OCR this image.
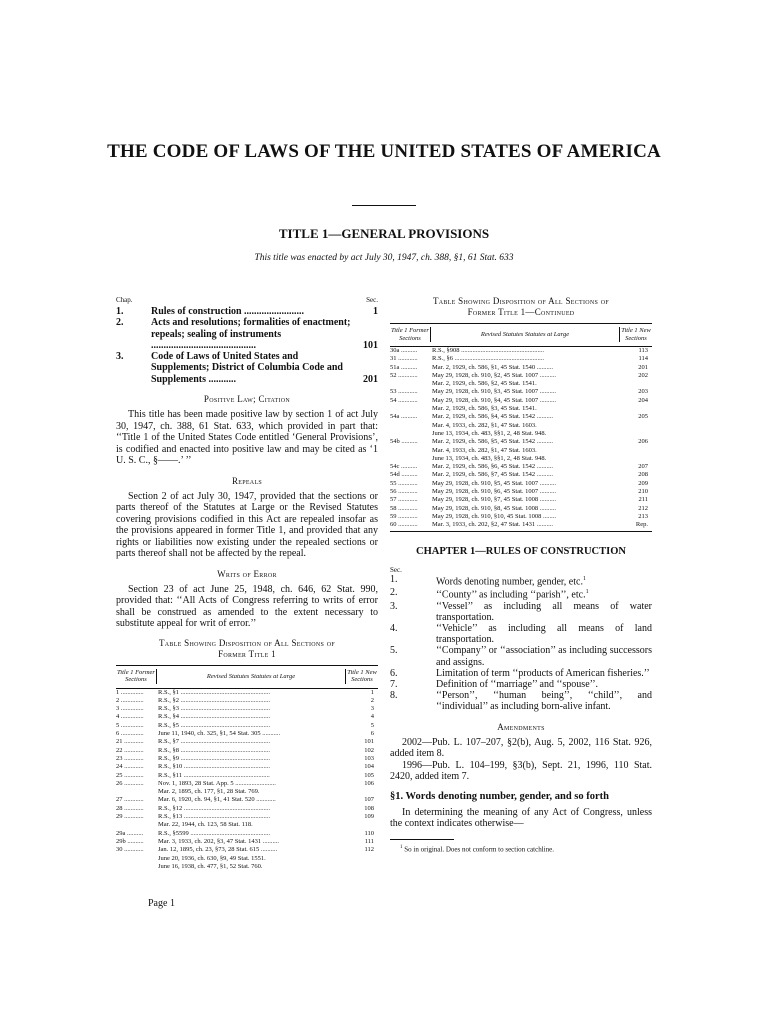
THE CODE OF LAWS OF THE UNITED STATES OF AMERICA
TITLE 1—GENERAL PROVISIONS
This title was enacted by act July 30, 1947, ch. 388, §1, 61 Stat. 633
Chap.	Sec.
1.	Rules of construction ........................	1
2.	Acts and resolutions; formalities of enactment; repeals; sealing of instruments ..........................................	101
3.	Code of Laws of United States and Supplements; District of Columbia Code and Supplements ...........	201
Positive Law; Citation

This title has been made positive law by section 1 of act July 30, 1947, ch. 388, 61 Stat. 633, which provided in part that: ‘‘Title 1 of the United States Code entitled ‘General Provisions’, is codified and enacted into positive law and may be cited as ‘1 U. S. C., §——.’ ’’

Repeals

Section 2 of act July 30, 1947, provided that the sections or parts thereof of the Statutes at Large or the Revised Statutes covering provisions codified in this Act are repealed insofar as the provisions appeared in former Title 1, and provided that any rights or liabilities now existing under the repealed sections or parts thereof shall not be affected by the repeal.

Writs of Error

Section 23 of act June 25, 1948, ch. 646, 62 Stat. 990, provided that: ‘‘All Acts of Congress referring to writs of error shall be construed as amended to the extent necessary to substitute appeal for writ of error.’’

Table Showing Disposition of All Sections of
Former Title 1
Title 1 Former Sections	Revised Statutes Statutes at Large
Title 1 New Sections
1 ..............	R.S., §1 .......................................................	1
2 ..............	R.S., §2 .......................................................	2
3 ..............	R.S., §3 .......................................................	3
4 ..............	R.S., §4 .......................................................	4
5 ..............	R.S., §5 .......................................................	5
6 ..............	June 11, 1940, ch. 325, §1, 54 Stat. 305 ...........	6
21 ............	R.S., §7 .......................................................	101
22 ............	R.S., §8 .......................................................	102
23 ............	R.S., §9 .......................................................	103
24 ............	R.S., §10 .....................................................	104
25 ............	R.S., §11 .....................................................	105
26 ............	Nov. 1, 1893, 28 Stat. App. 5 .........................	106
Mar. 2, 1895, ch. 177, §1, 28 Stat. 769.
27 ............	Mar. 6, 1920, ch. 94, §1, 41 Stat. 520 ............	107
28 ............	R.S., §12 .....................................................	108
29 ............	R.S., §13 .....................................................	109
Mar. 22, 1944, ch. 123, 58 Stat. 118.
29a ..........	R.S., §5599 .................................................	110
29b ..........	Mar. 3, 1933, ch. 202, §3, 47 Stat. 1431 ..........	111
30 ............	Jan. 12, 1895, ch. 23, §73, 28 Stat. 615 ..........	112
June 20, 1936, ch. 630, §9, 49 Stat. 1551.
June 16, 1938, ch. 477, §1, 52 Stat. 760.
Table Showing Disposition of All Sections of
Former Title 1—Continued
Title 1 Former Sections	Revised Statutes Statutes at Large
Title 1 New Sections
30a ..........	R.S., §908 ...................................................	113
31 ............	R.S., §6 .......................................................	114
51a ..........	Mar. 2, 1929, ch. 586, §1, 45 Stat. 1540 ..........	201
52 ............	May 29, 1928, ch. 910, §2, 45 Stat. 1007 ..........	202
Mar. 2, 1929, ch. 586, §2, 45 Stat. 1541.
53 ............	May 29, 1928, ch. 910, §3, 45 Stat. 1007 ..........	203
54 ............	May 29, 1928, ch. 910, §4, 45 Stat. 1007 ..........	204
Mar. 2, 1929, ch. 586, §3, 45 Stat. 1541.
54a ..........	Mar. 2, 1929, ch. 586, §4, 45 Stat. 1542 ..........	205
Mar. 4, 1933, ch. 282, §1, 47 Stat. 1603.
June 13, 1934, ch. 483, §§1, 2, 48 Stat. 948.
54b ..........	Mar. 2, 1929, ch. 586, §5, 45 Stat. 1542 ..........	206
Mar. 4, 1933, ch. 282, §1, 47 Stat. 1603.
June 13, 1934, ch. 483, §§1, 2, 48 Stat. 948.
54c ..........	Mar. 2, 1929, ch. 586, §6, 45 Stat. 1542 ..........	207
54d ..........	Mar. 2, 1929, ch. 586, §7, 45 Stat. 1542 ..........	208
55 ............	May 29, 1928, ch. 910, §5, 45 Stat. 1007 ..........	209
56 ............	May 29, 1928, ch. 910, §6, 45 Stat. 1007 ..........	210
57 ............	May 29, 1928, ch. 910, §7, 45 Stat. 1008 ..........	211
58 ............	May 29, 1928, ch. 910, §8, 45 Stat. 1008 ..........	212
59 ............	May 29, 1928, ch. 910, §10, 45 Stat. 1008 ........	213
60 ............	Mar. 3, 1933, ch. 202, §2, 47 Stat. 1431 ..........	Rep.
CHAPTER 1—RULES OF CONSTRUCTION
Sec.
1.	Words denoting number, gender, etc.$^1$
2.	‘‘County’’ as including ‘‘parish’’, etc.$^1$
3.	‘‘Vessel’’ as including all means of water transportation.
4.	‘‘Vehicle’’ as including all means of land transportation.
5.	‘‘Company’’ or ‘‘association’’ as including successors and assigns.
6.	Limitation of term ‘‘products of American fisheries.’’
7.	Definition of ‘‘marriage’’ and ‘‘spouse’’.
8.	‘‘Person’’, ‘‘human being’’, ‘‘child’’, and ‘‘individual’’ as including born-alive infant.
Amendments

2002—Pub. L. 107–207, §2(b), Aug. 5, 2002, 116 Stat. 926, added item 8.

1996—Pub. L. 104–199, §3(b), Sept. 21, 1996, 110 Stat. 2420, added item 7.

§1. Words denoting number, gender, and so forth

In determining the meaning of any Act of Congress, unless the context indicates otherwise—

$^1$ So in original. Does not conform to section catchline.
Page 1
